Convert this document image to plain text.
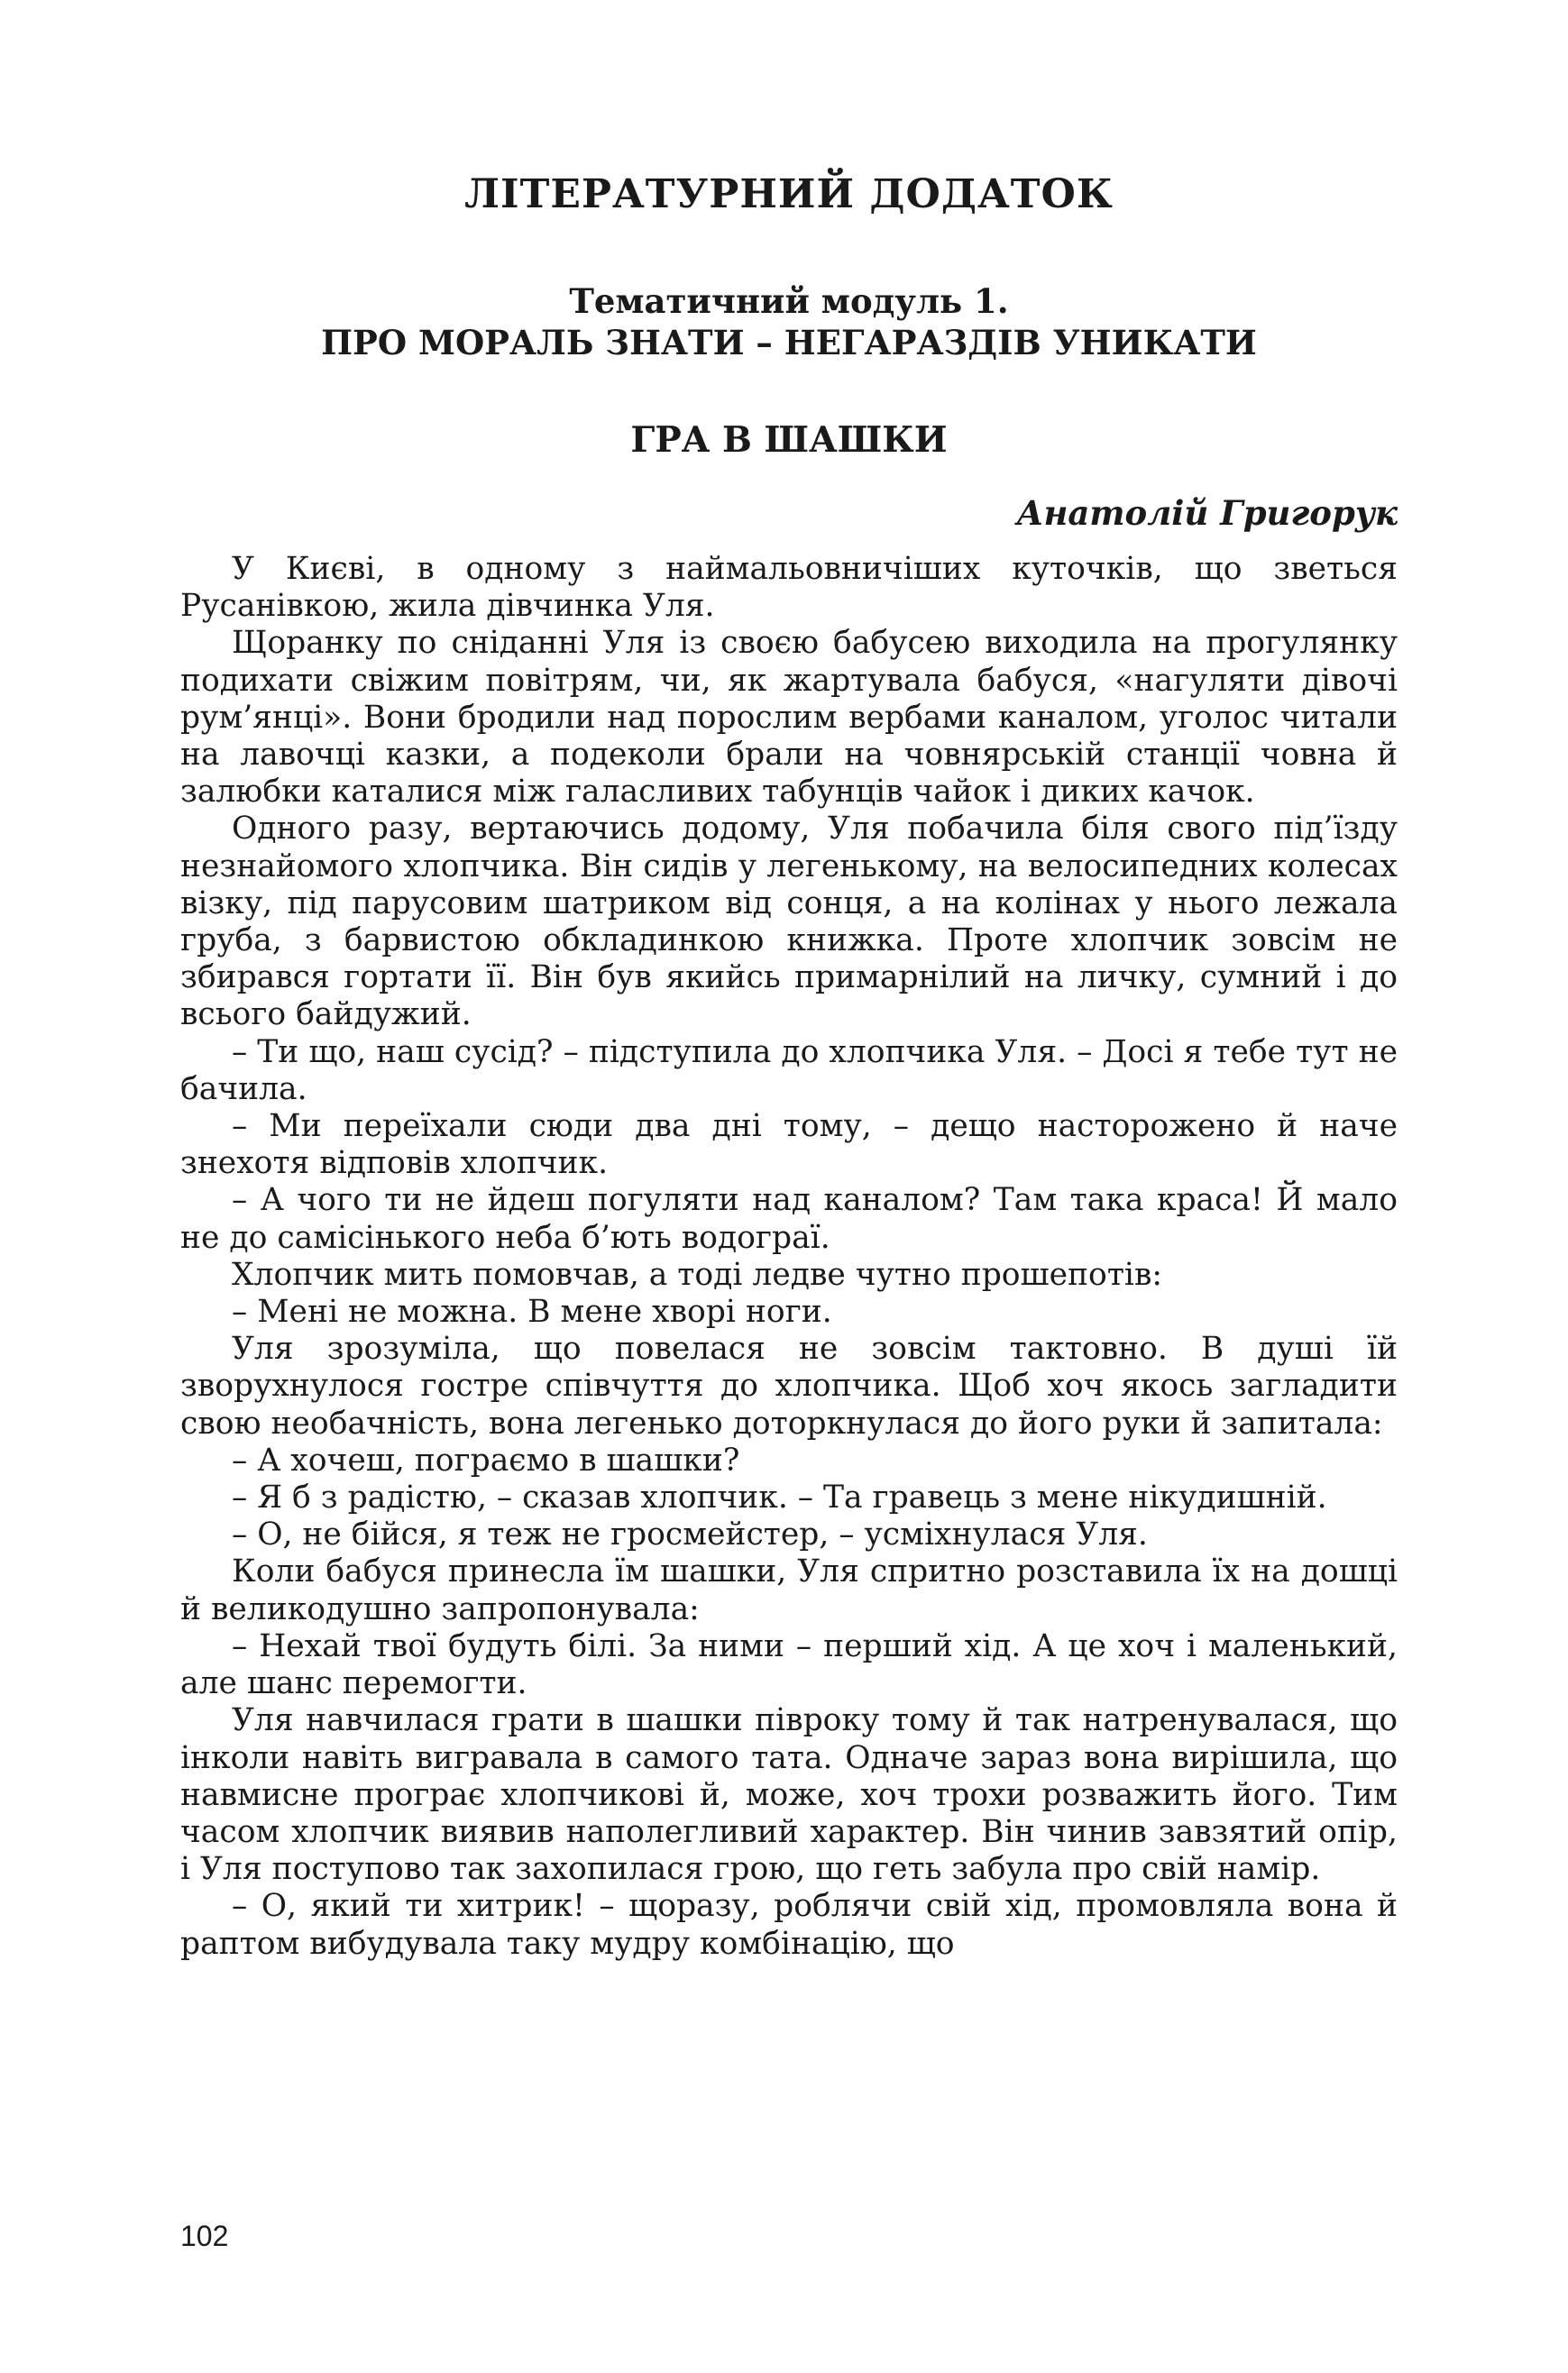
ЛІТЕРАТУРНИЙ ДОДАТОК

Тематичний модуль 1.

ПРО МОРАЛЬ ЗНАТИ – НЕГАРАЗДІВ УНИКАТИ

ГРА В ШАШКИ

Анатолій Григорук

У Києві, в одному з наймальовничіших куточків, що зветься Русанівкою, жила дівчинка Уля.

Щоранку по сніданні Уля із своєю бабусею виходила на прогулянку подихати свіжим повітрям, чи, як жартувала бабуся, «нагуляти дівочі рум’янці». Вони бродили над порослим вербами каналом, уголос читали на лавочці казки, а подеколи брали на човнярській станції човна й залюбки каталися між галасливих табунців чайок і диких качок.

Одного разу, вертаючись додому, Уля побачила біля свого під’їзду незнайомого хлопчика. Він сидів у легенькому, на велосипедних колесах візку, під парусовим шатриком від сонця, а на колінах у нього лежала груба, з барвистою обкладинкою книжка. Проте хлопчик зовсім не збирався гортати її. Він був якийсь примарнілий на личку, сумний і до всього байдужий.

– Ти що, наш сусід? – підступила до хлопчика Уля. – Досі я тебе тут не бачила.

– Ми переїхали сюди два дні тому, – дещо насторожено й наче знехотя відповів хлопчик.

– А чого ти не йдеш погуляти над каналом? Там така краса! Й мало не до самісінького неба б’ють водограї.

Хлопчик мить помовчав, а тоді ледве чутно прошепотів:

– Мені не можна. В мене хворі ноги.

Уля зрозуміла, що повелася не зовсім тактовно. В душі їй зворухнулося гостре співчуття до хлопчика. Щоб хоч якось загладити свою необачність, вона легенько доторкнулася до його руки й запитала:

– А хочеш, пограємо в шашки?

– Я б з радістю, – сказав хлопчик. – Та гравець з мене нікудишній.

– О, не бійся, я теж не гросмейстер, – усміхнулася Уля.

Коли бабуся принесла їм шашки, Уля спритно розставила їх на дошці й великодушно запропонувала:

– Нехай твої будуть білі. За ними – перший хід. А це хоч і маленький, але шанс перемогти.

Уля навчилася грати в шашки півроку тому й так натренувалася, що інколи навіть вигравала в самого тата. Одначе зараз вона вирішила, що навмисне програє хлопчикові й, може, хоч трохи розважить його. Тим часом хлопчик виявив наполегливий характер. Він чинив завзятий опір, і Уля поступово так захопилася грою, що геть забула про свій намір.

– О, який ти хитрик! – щоразу, роблячи свій хід, промовляла вона й раптом вибудувала таку мудру комбінацію, що

102
